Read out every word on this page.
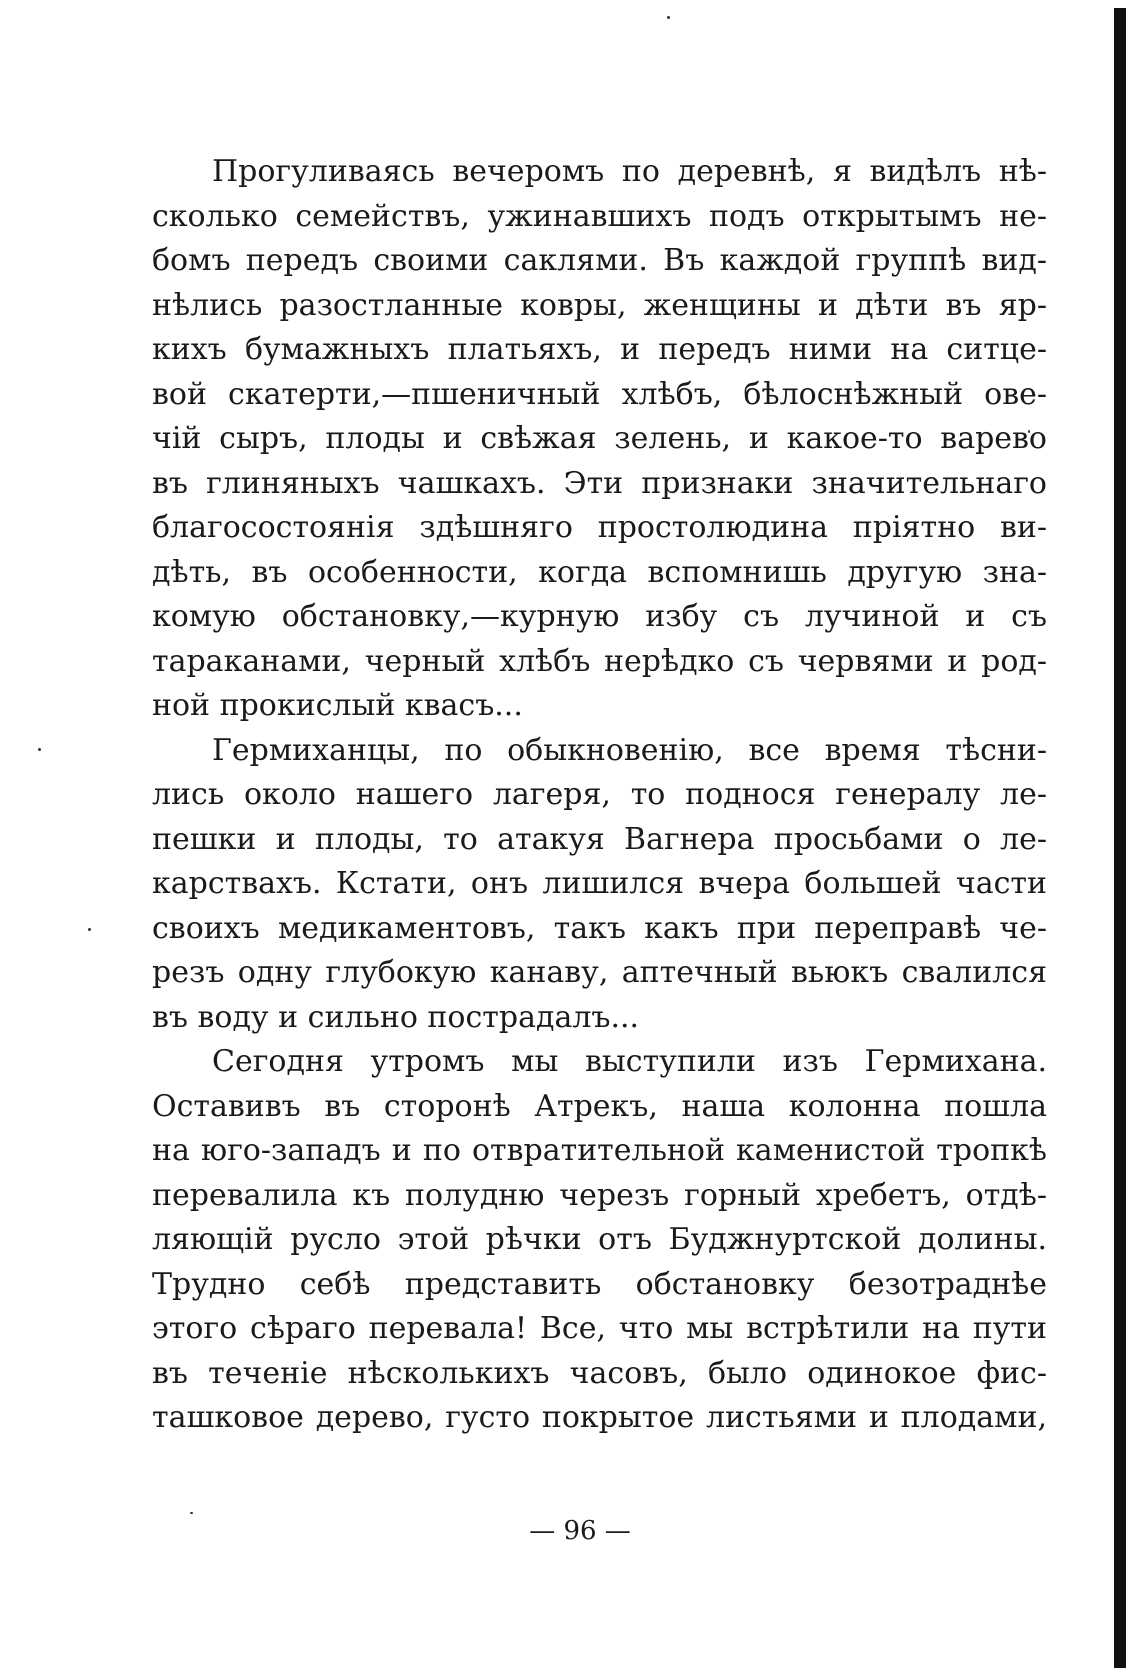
Прогуливаясь вечеромъ по деревнѣ, я видѣлъ нѣ-
сколько семействъ, ужинавшихъ подъ открытымъ не-
бомъ передъ своими саклями. Въ каждой группѣ вид-
нѣлись разостланные ковры, женщины и дѣти въ яр-
кихъ бумажныхъ платьяхъ, и передъ ними на ситце-
вой скатерти,—пшеничный хлѣбъ, бѣлоснѣжный ове-
чій сыръ, плоды и свѣжая зелень, и какое-то варево
въ глиняныхъ чашкахъ. Эти признаки значительнаго
благосостоянія здѣшняго простолюдина пріятно ви-
дѣть, въ особенности, когда вспомнишь другую зна-
комую обстановку,—курную избу съ лучиной и съ
тараканами, черный хлѣбъ нерѣдко съ червями и род-
ной прокислый квасъ...
Гермиханцы, по обыкновенію, все время тѣсни-
лись около нашего лагеря, то поднося генералу ле-
пешки и плоды, то атакуя Вагнера просьбами о ле-
карствахъ. Кстати, онъ лишился вчера большей части
своихъ медикаментовъ, такъ какъ при переправѣ че-
резъ одну глубокую канаву, аптечный вьюкъ свалился
въ воду и сильно пострадалъ...
Сегодня утромъ мы выступили изъ Гермихана.
Оставивъ въ сторонѣ Атрекъ, наша колонна пошла
на юго-западъ и по отвратительной каменистой тропкѣ
перевалила къ полудню черезъ горный хребетъ, отдѣ-
ляющій русло этой рѣчки отъ Буджнуртской долины.
Трудно себѣ представить обстановку безотраднѣе
этого сѣраго перевала! Все, что мы встрѣтили на пути
въ теченіе нѣсколькихъ часовъ, было одинокое фис-
ташковое дерево, густо покрытое листьями и плодами,
— 96 —
